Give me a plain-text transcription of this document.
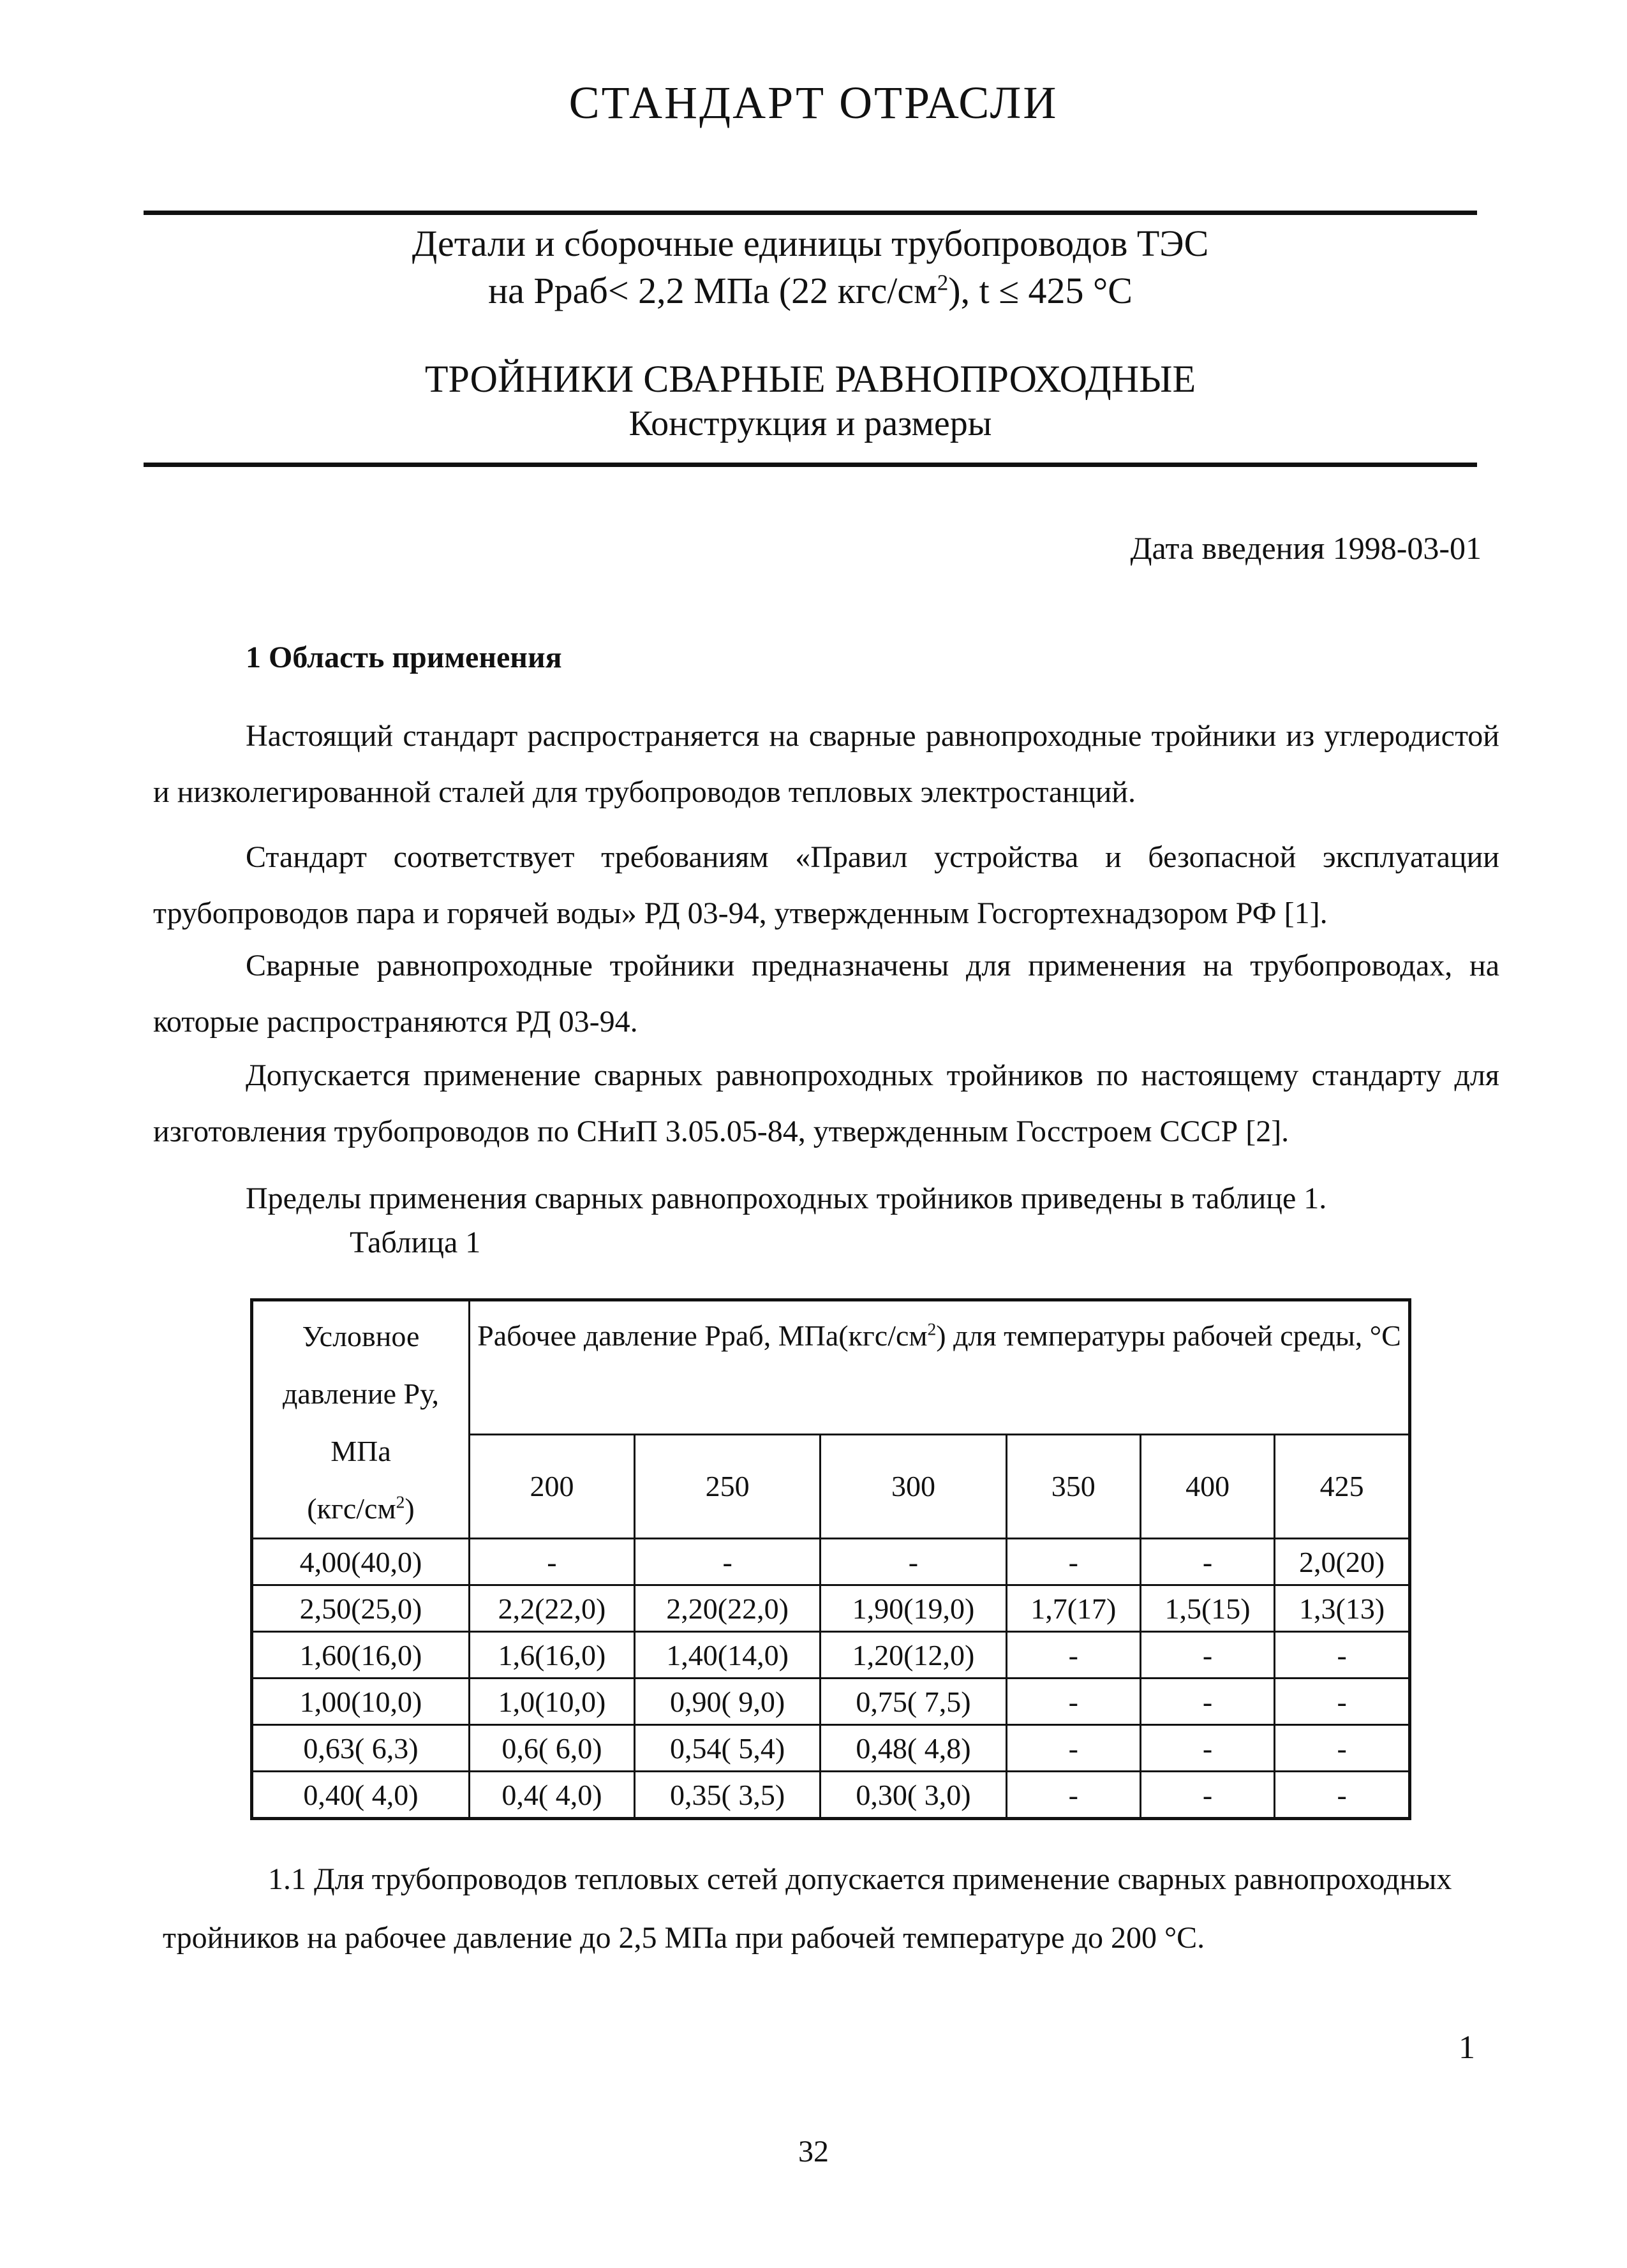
СТАНДАРТ ОТРАСЛИ
Детали и сборочные единицы трубопроводов ТЭС
на Рраб< 2,2 МПа (22 кгс/$см^2$), t ≤ 425 °С
ТРОЙНИКИ СВАРНЫЕ РАВНОПРОХОДНЫЕ
Конструкция и размеры
Дата введения 1998-03-01
1 Область применения

Настоящий стандарт распространяется на сварные равнопроходные тройники из углеродистой и низколегированной сталей для трубопроводов тепловых электростанций.

Стандарт соответствует требованиям «Правил устройства и безопасной эксплуатации трубопроводов пара и горячей воды» РД 03-94, утвержденным Госгортехнадзором РФ [1].

Сварные равнопроходные тройники предназначены для применения на трубопроводах, на которые распространяются РД 03-94.

Допускается применение сварных равнопроходных тройников по настоящему стандарту для изготовления трубопроводов по СНиП 3.05.05-84, утвержденным Госстроем СССР [2].

Пределы применения сварных равнопроходных тройников приведены в таблице 1.

Таблица 1
Условное
давление Ру,
МПа
$(кгс/см^2)$	Рабочее давление Рраб, $МПа(кгс/см^2)$ для температуры рабочей среды, °С					
	200	250	300	350	400	425
4,00(40,0)	-	-	-	-	-	2,0(20)
2,50(25,0)	2,2(22,0)	2,20(22,0)	1,90(19,0)	1,7(17)	1,5(15)	1,3(13)
1,60(16,0)	1,6(16,0)	1,40(14,0)	1,20(12,0)	-	-	-
1,00(10,0)	1,0(10,0)	0,90( 9,0)	0,75( 7,5)	-	-	-
0,63( 6,3)	0,6( 6,0)	0,54( 5,4)	0,48( 4,8)	-	-	-
0,40( 4,0)	0,4( 4,0)	0,35( 3,5)	0,30( 3,0)	-	-	-

1.1 Для трубопроводов тепловых сетей допускается применение сварных равнопроходных
тройников на рабочее давление до 2,5 МПа при рабочей температуре до 200 °С.

1
32
